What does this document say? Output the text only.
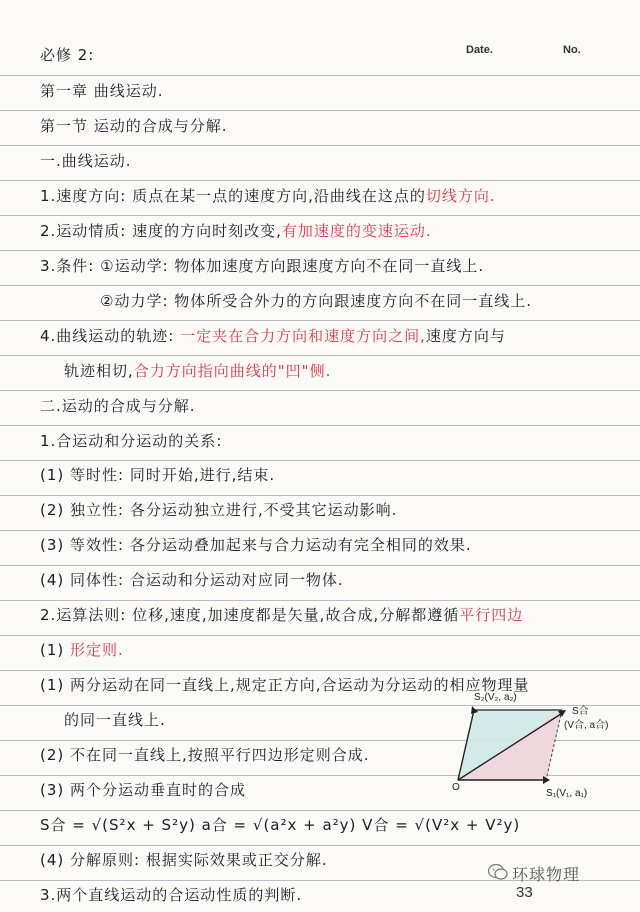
必修 2:	Date.	No.
第一章 曲线运动.
第一节 运动的合成与分解.
一.曲线运动.
1.速度方向: 质点在某一点的速度方向,沿曲线在这点的切线方向.
2.运动情质: 速度的方向时刻改变,有加速度的变速运动.
3.条件: ①运动学: 物体加速度方向跟速度方向不在同一直线上.
②动力学: 物体所受合外力的方向跟速度方向不在同一直线上.
4.曲线运动的轨迹: 一定夹在合力方向和速度方向之间,速度方向与
轨迹相切,合力方向指向曲线的"凹"侧.
二.运动的合成与分解.
1.合运动和分运动的关系:
(1) 等时性: 同时开始,进行,结束.
(2) 独立性: 各分运动独立进行,不受其它运动影响.
(3) 等效性: 各分运动叠加起来与合力运动有完全相同的效果.
(4) 同体性: 合运动和分运动对应同一物体.
2.运算法则: 位移,速度,加速度都是矢量,故合成,分解都遵循平行四边
(1) 形定则.
(1) 两分运动在同一直线上,规定正方向,合运动为分运动的相应物理量
的同一直线上.
(2) 不在同一直线上,按照平行四边形定则合成.
(3) 两个分运动垂直时的合成
S合 = √(S²x + S²y) a合 = √(a²x + a²y) V合 = √(V²x + V²y)
(4) 分解原则: 根据实际效果或正交分解.
3.两个直线运动的合运动性质的判断.
S₂(V₂, a₂)
S合
(V合, a合)
S₁(V₁, a₁)
O
环球物理
33
